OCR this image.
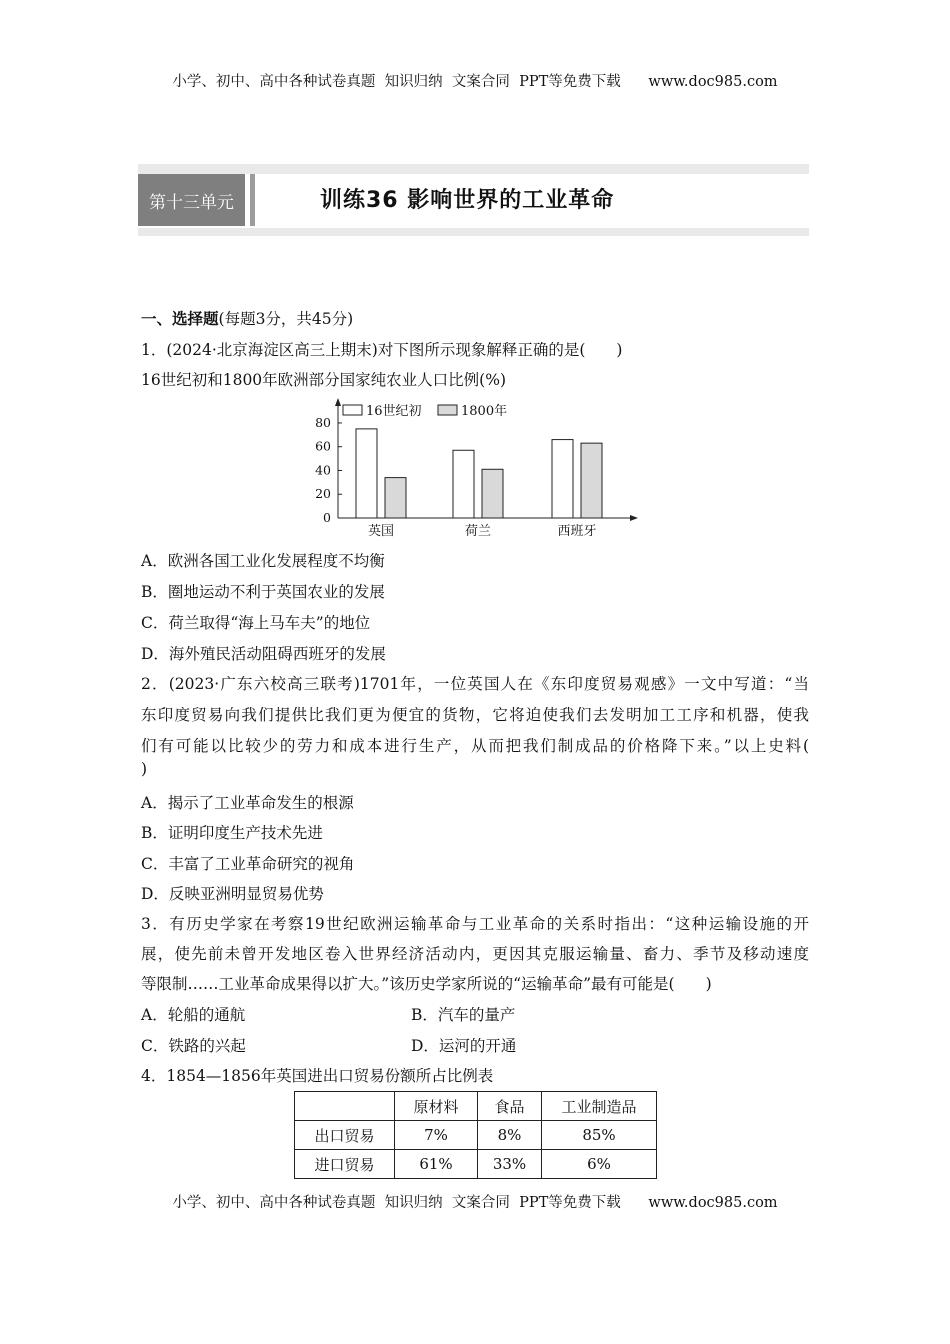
小学、初中、高中各种试卷真题  知识归纳  文案合同  PPT等免费下载      www.doc985.com
第十三单元	训练36 影响世界的工业革命
一、选择题(每题3分，共45分)
1．(2024·北京海淀区高三上期末)对下图所示现象解释正确的是(　　)
16世纪初和1800年欧洲部分国家纯农业人口比例(%)
16世纪初	1800年
0
20
40
60
80
英国	荷兰	西班牙
A．欧洲各国工业化发展程度不均衡
B．圈地运动不利于英国农业的发展
C．荷兰取得“海上马车夫”的地位
D．海外殖民活动阻碍西班牙的发展
2．(2023·广东六校高三联考)1701年，一位英国人在《东印度贸易观感》一文中写道：“当
东印度贸易向我们提供比我们更为便宜的货物，它将迫使我们去发明加工工序和机器，使我
们有可能以比较少的劳力和成本进行生产，从而把我们制成品的价格降下来。”以上史料(
)
A．揭示了工业革命发生的根源
B．证明印度生产技术先进
C．丰富了工业革命研究的视角
D．反映亚洲明显贸易优势
3．有历史学家在考察19世纪欧洲运输革命与工业革命的关系时指出：“这种运输设施的开
展，使先前未曾开发地区卷入世界经济活动内，更因其克服运输量、畜力、季节及移动速度
等限制……工业革命成果得以扩大。”该历史学家所说的“运输革命”最有可能是(　　)
A．轮船的通航	B．汽车的量产
C．铁路的兴起	D．运河的开通
4．1854—1856年英国进出口贸易份额所占比例表
	原材料	食品	工业制造品
出口贸易	7%	8%	85%
进口贸易	61%	33%	6%
小学、初中、高中各种试卷真题  知识归纳  文案合同  PPT等免费下载      www.doc985.com
